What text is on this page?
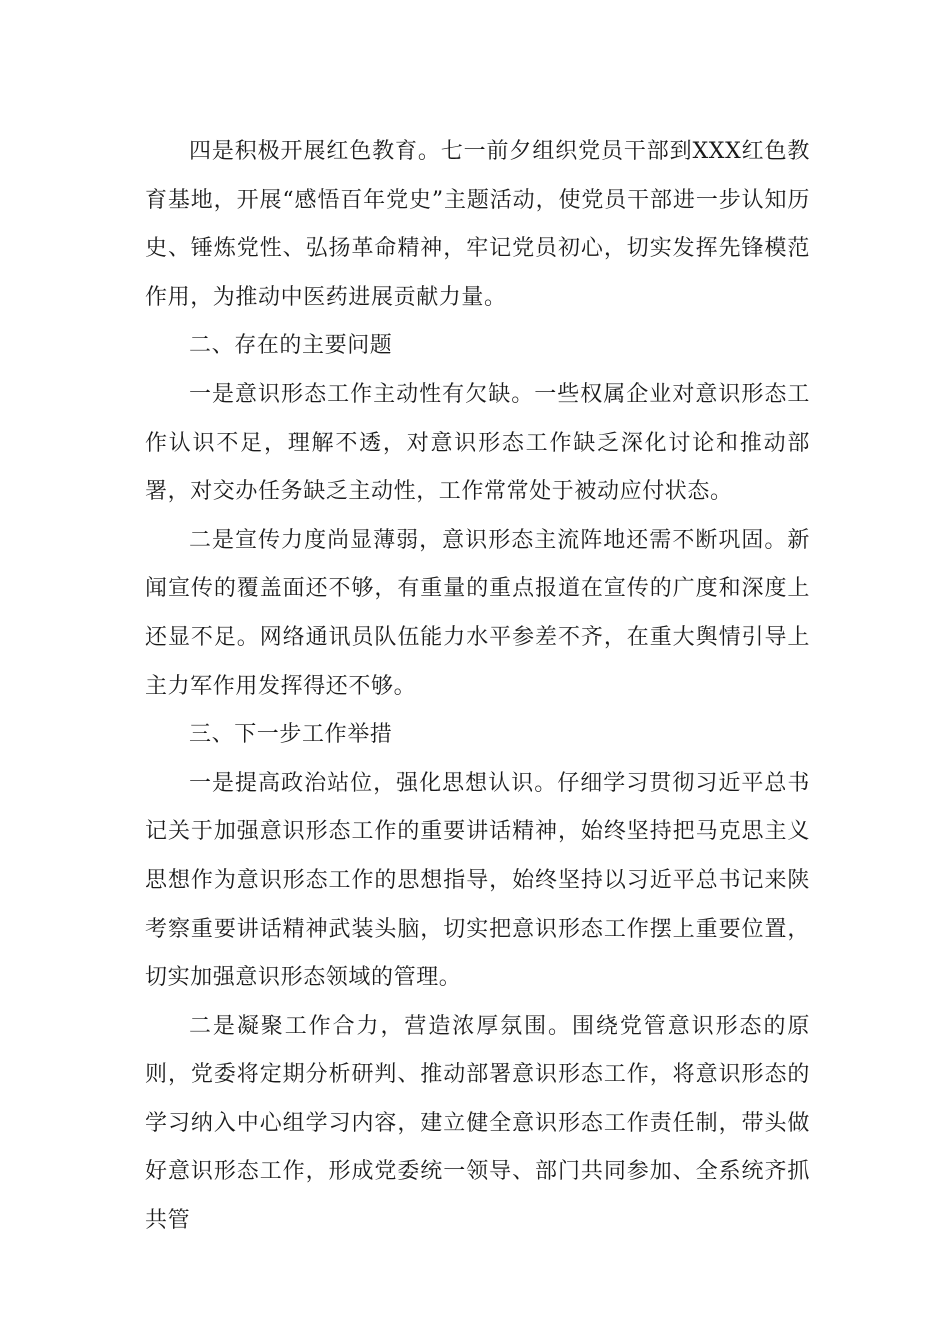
四是积极开展红色教育。七一前夕组织党员干部到XXX红色教育基地，开展“感悟百年党史”主题活动，使党员干部进一步认知历史、锤炼党性、弘扬革命精神，牢记党员初心，切实发挥先锋模范作用，为推动中医药进展贡献力量。

二、存在的主要问题

一是意识形态工作主动性有欠缺。一些权属企业对意识形态工作认识不足，理解不透，对意识形态工作缺乏深化讨论和推动部署，对交办任务缺乏主动性，工作常常处于被动应付状态。

二是宣传力度尚显薄弱，意识形态主流阵地还需不断巩固。新闻宣传的覆盖面还不够，有重量的重点报道在宣传的广度和深度上还显不足。网络通讯员队伍能力水平参差不齐，在重大舆情引导上主力军作用发挥得还不够。

三、下一步工作举措

一是提高政治站位，强化思想认识。仔细学习贯彻习近平总书记关于加强意识形态工作的重要讲话精神，始终坚持把马克思主义思想作为意识形态工作的思想指导，始终坚持以习近平总书记来陕考察重要讲话精神武装头脑，切实把意识形态工作摆上重要位置，切实加强意识形态领域的管理。

二是凝聚工作合力，营造浓厚氛围。围绕党管意识形态的原则，党委将定期分析研判、推动部署意识形态工作，将意识形态的学习纳入中心组学习内容，建立健全意识形态工作责任制，带头做好意识形态工作，形成党委统一领导、部门共同参加、全系统齐抓共管
